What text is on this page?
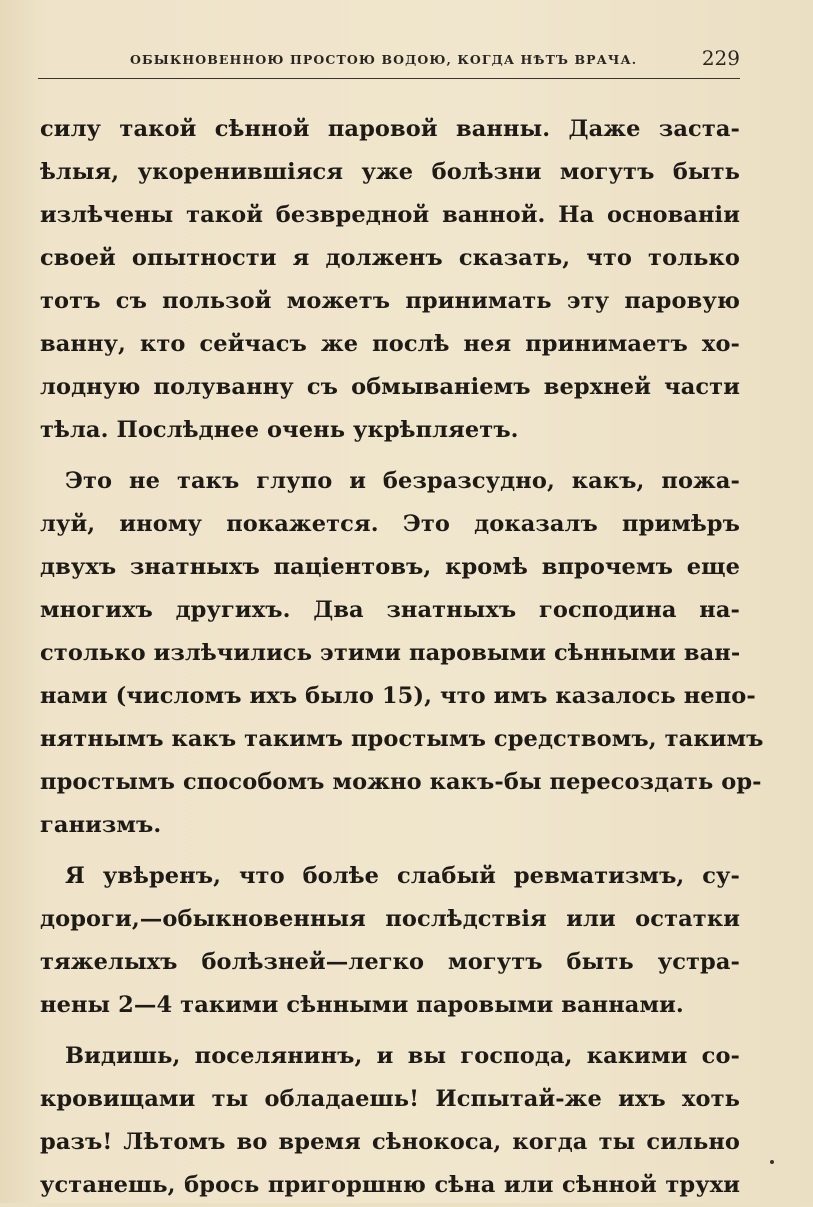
ОБЫКНОВЕННОЮ ПРОСТОЮ ВОДОЮ, КОГДА НѢТЪ ВРАЧА.	229
силу такой сѣнной паровой ванны. Даже заста-
ѣлыя, укоренившіяся уже болѣзни могутъ быть
излѣчены такой безвредной ванной. На основаніи
своей опытности я долженъ сказать, что только
тотъ съ пользой можетъ принимать эту паровую
ванну, кто сейчасъ же послѣ нея принимаетъ хо-
лодную полуванну съ обмываніемъ верхней части
тѣла. Послѣднее очень укрѣпляетъ.
Это не такъ глупо и безразсудно, какъ, пожа-
луй, иному покажется. Это доказалъ примѣръ
двухъ знатныхъ паціентовъ, кромѣ впрочемъ еще
многихъ другихъ. Два знатныхъ господина на-
столько излѣчились этими паровыми сѣнными ван-
нами (числомъ ихъ было 15), что имъ казалось непо-
нятнымъ какъ такимъ простымъ средствомъ, такимъ
простымъ способомъ можно какъ-бы пересоздать ор-
ганизмъ.
Я увѣренъ, что болѣе слабый ревматизмъ, су-
дороги,—обыкновенныя послѣдствія или остатки
тяжелыхъ болѣзней—легко могутъ быть устра-
нены 2—4 такими сѣнными паровыми ваннами.
Видишь, поселянинъ, и вы господа, какими со-
кровищами ты обладаешь! Испытай-же ихъ хоть
разъ! Лѣтомъ во время сѣнокоса, когда ты сильно
устанешь, брось пригоршню сѣна или сѣнной трухи
